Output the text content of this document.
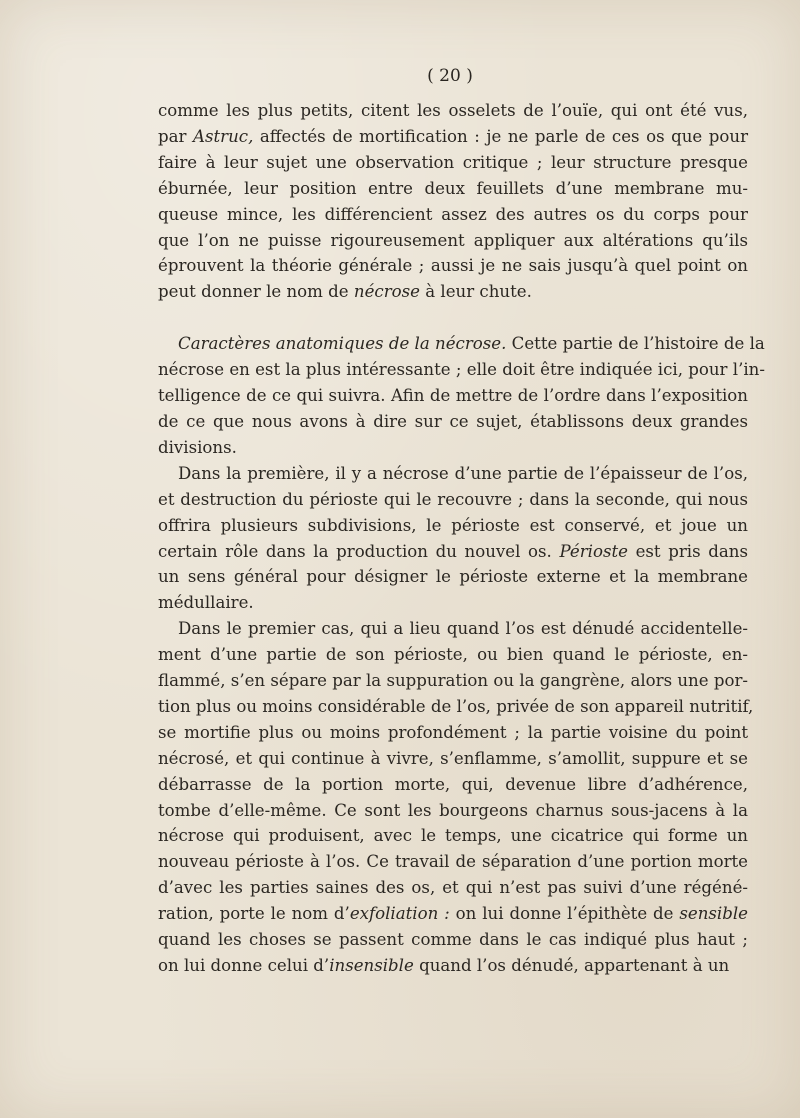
( 20 )
comme les plus petits, citent les osselets de l’ouïe, qui ont été vus,
par Astruc, affectés de mortification : je ne parle de ces os que pour
faire à leur sujet une observation critique ; leur structure presque
éburnée, leur position entre deux feuillets d’une membrane mu-
queuse mince, les différencient assez des autres os du corps pour
que l’on ne puisse rigoureusement appliquer aux altérations qu’ils
éprouvent la théorie générale ; aussi je ne sais jusqu’à quel point on
peut donner le nom de nécrose à leur chute.
Caractères anatomiques de la nécrose. Cette partie de l’histoire de la
nécrose en est la plus intéressante ; elle doit être indiquée ici, pour l’in-
telligence de ce qui suivra. Afin de mettre de l’ordre dans l’exposition
de ce que nous avons à dire sur ce sujet, établissons deux grandes
divisions.
Dans la première, il y a nécrose d’une partie de l’épaisseur de l’os,
et destruction du périoste qui le recouvre ; dans la seconde, qui nous
offrira plusieurs subdivisions, le périoste est conservé, et joue un
certain rôle dans la production du nouvel os. Périoste est pris dans
un sens général pour désigner le périoste externe et la membrane
médullaire.
Dans le premier cas, qui a lieu quand l’os est dénudé accidentelle-
ment d’une partie de son périoste, ou bien quand le périoste, en-
flammé, s’en sépare par la suppuration ou la gangrène, alors une por-
tion plus ou moins considérable de l’os, privée de son appareil nutritif,
se mortifie plus ou moins profondément ; la partie voisine du point
nécrosé, et qui continue à vivre, s’enflamme, s’amollit, suppure et se
débarrasse de la portion morte, qui, devenue libre d’adhérence,
tombe d’elle-même. Ce sont les bourgeons charnus sous-jacens à la
nécrose qui produisent, avec le temps, une cicatrice qui forme un
nouveau périoste à l’os. Ce travail de séparation d’une portion morte
d’avec les parties saines des os, et qui n’est pas suivi d’une régéné-
ration, porte le nom d’exfoliation : on lui donne l’épithète de sensible
quand les choses se passent comme dans le cas indiqué plus haut ;
on lui donne celui d’insensible quand l’os dénudé, appartenant à un
